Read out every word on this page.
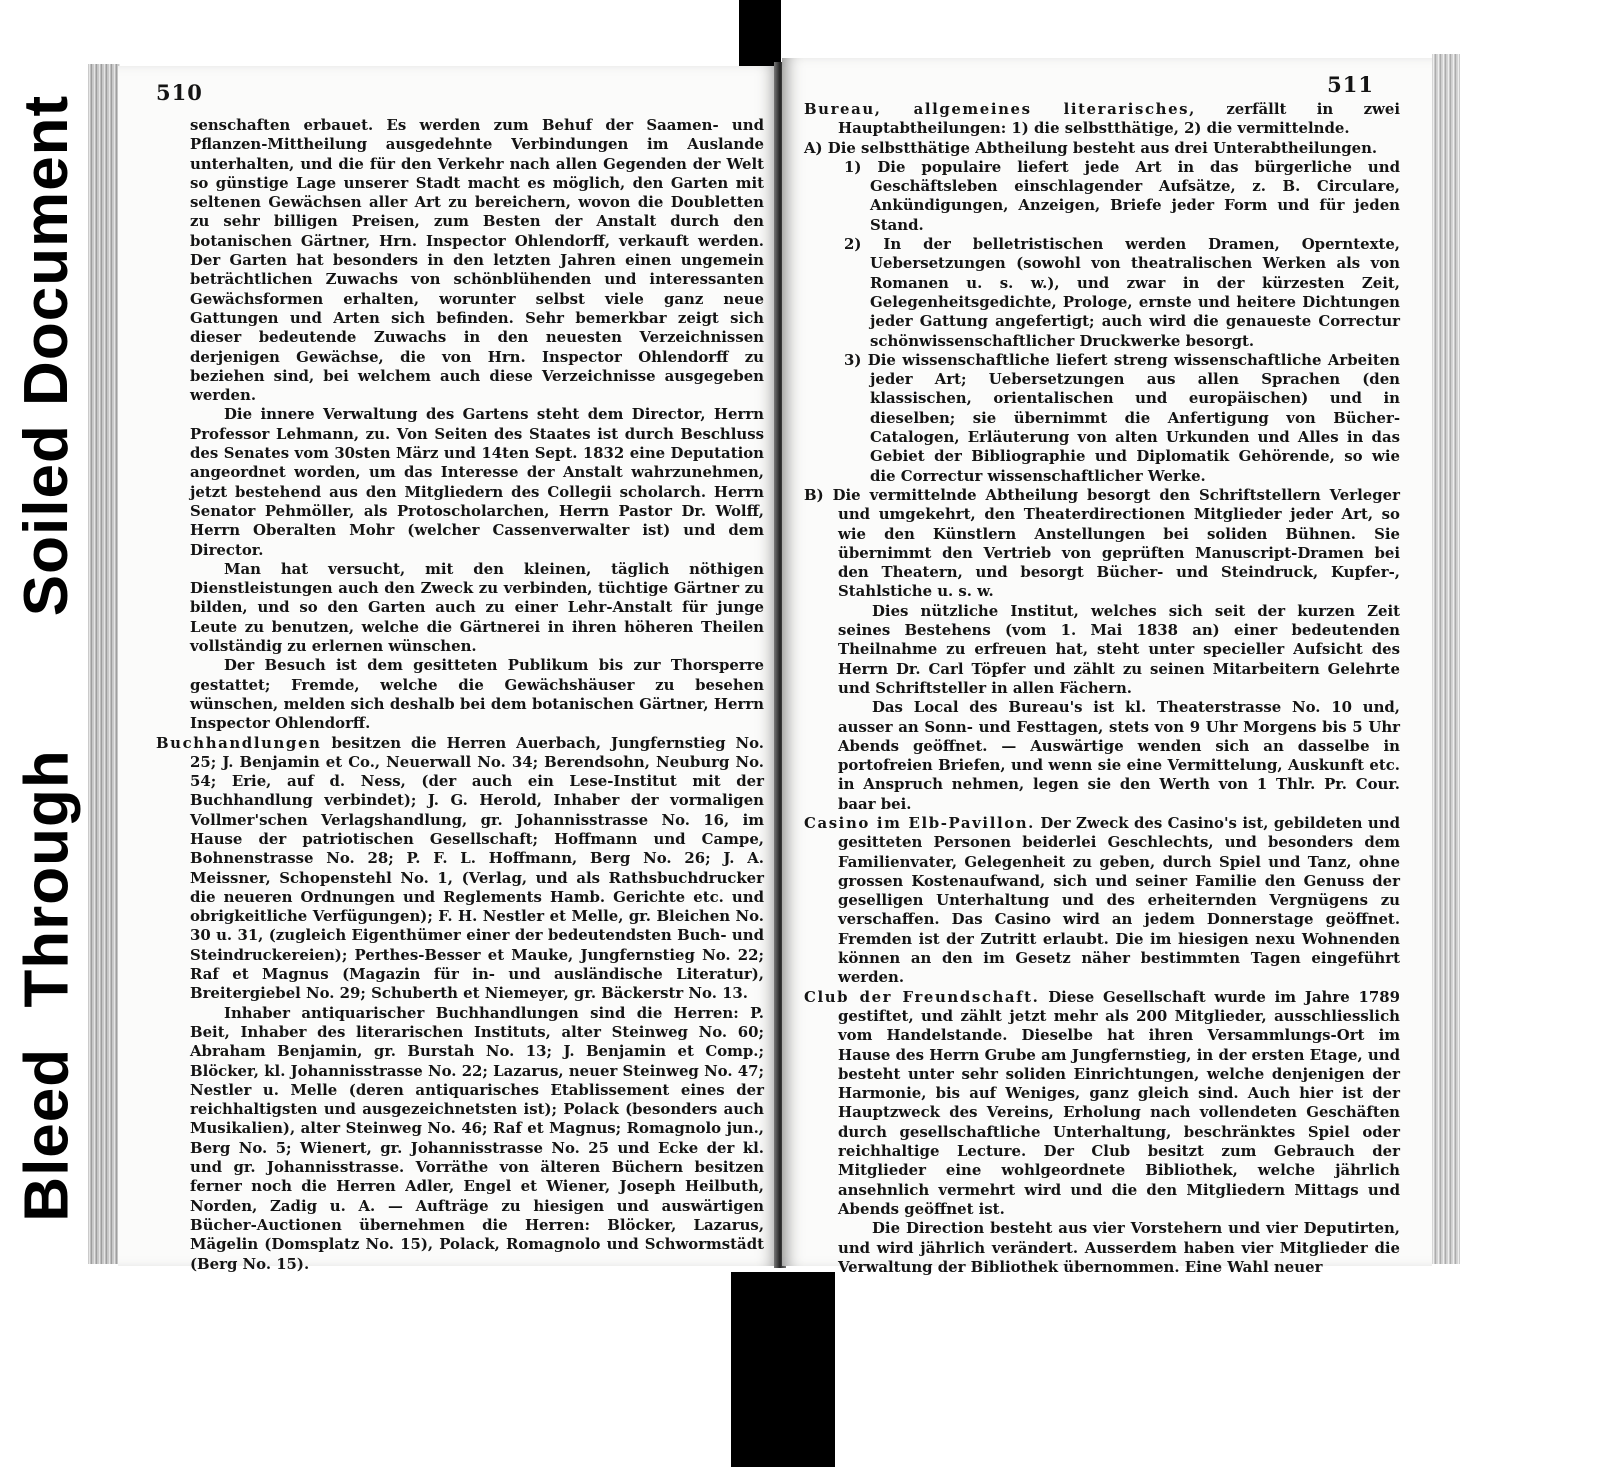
Soiled Document
Bleed Through
510

senschaften erbauet. Es werden zum Behuf der Saamen- und Pflanzen-Mittheilung ausgedehnte Verbindungen im Auslande unterhalten, und die für den Verkehr nach allen Gegenden der Welt so günstige Lage unserer Stadt macht es möglich, den Garten mit seltenen Gewächsen aller Art zu bereichern, wovon die Doubletten zu sehr billigen Preisen, zum Besten der Anstalt durch den botanischen Gärtner, Hrn. Inspector Ohlendorff, verkauft werden. Der Garten hat besonders in den letzten Jahren einen ungemein beträchtlichen Zuwachs von schönblühenden und interessanten Gewächsformen erhalten, worunter selbst viele ganz neue Gattungen und Arten sich befinden. Sehr bemerkbar zeigt sich dieser bedeutende Zuwachs in den neuesten Verzeichnissen derjenigen Gewächse, die von Hrn. Inspector Ohlendorff zu beziehen sind, bei welchem auch diese Verzeichnisse ausgegeben werden.

Die innere Verwaltung des Gartens steht dem Director, Herrn Professor Lehmann, zu. Von Seiten des Staates ist durch Beschluss des Senates vom 30sten März und 14ten Sept. 1832 eine Deputation angeordnet worden, um das Interesse der Anstalt wahrzunehmen, jetzt bestehend aus den Mitgliedern des Collegii scholarch. Herrn Senator Pehmöller, als Protoscholarchen, Herrn Pastor Dr. Wolff, Herrn Oberalten Mohr (welcher Cassenverwalter ist) und dem Director.

Man hat versucht, mit den kleinen, täglich nöthigen Dienstleistungen auch den Zweck zu verbinden, tüchtige Gärtner zu bilden, und so den Garten auch zu einer Lehr-Anstalt für junge Leute zu benutzen, welche die Gärtnerei in ihren höheren Theilen vollständig zu erlernen wünschen.

Der Besuch ist dem gesitteten Publikum bis zur Thorsperre gestattet; Fremde, welche die Gewächshäuser zu besehen wünschen, melden sich deshalb bei dem botanischen Gärtner, Herrn Inspector Ohlendorff.

Buchhandlungen besitzen die Herren Auerbach, Jungfernstieg No. 25; J. Benjamin et Co., Neuerwall No. 34; Berendsohn, Neuburg No. 54; Erie, auf d. Ness, (der auch ein Lese-Institut mit der Buchhandlung verbindet); J. G. Herold, Inhaber der vormaligen Vollmer'schen Verlagshandlung, gr. Johannisstrasse No. 16, im Hause der patriotischen Gesellschaft; Hoffmann und Campe, Bohnenstrasse No. 28; P. F. L. Hoffmann, Berg No. 26; J. A. Meissner, Schopenstehl No. 1, (Verlag, und als Rathsbuchdrucker die neueren Ordnungen und Reglements Hamb. Gerichte etc. und obrigkeitliche Verfügungen); F. H. Nestler et Melle, gr. Bleichen No. 30 u. 31, (zugleich Eigenthümer einer der bedeutendsten Buch- und Steindruckereien); Perthes-Besser et Mauke, Jungfernstieg No. 22; Raf et Magnus (Magazin für in- und ausländische Literatur), Breitergiebel No. 29; Schuberth et Niemeyer, gr. Bäckerstr No. 13.

Inhaber antiquarischer Buchhandlungen sind die Herren: P. Beit, Inhaber des literarischen Instituts, alter Steinweg No. 60; Abraham Benjamin, gr. Burstah No. 13; J. Benjamin et Comp.; Blöcker, kl. Johannisstrasse No. 22; Lazarus, neuer Steinweg No. 47; Nestler u. Melle (deren antiquarisches Etablissement eines der reichhaltigsten und ausgezeichnetsten ist); Polack (besonders auch Musikalien), alter Steinweg No. 46; Raf et Magnus; Romagnolo jun., Berg No. 5; Wienert, gr. Johannisstrasse No. 25 und Ecke der kl. und gr. Johannisstrasse. Vorräthe von älteren Büchern besitzen ferner noch die Herren Adler, Engel et Wiener, Joseph Heilbuth, Norden, Zadig u. A. — Aufträge zu hiesigen und auswärtigen Bücher-Auctionen übernehmen die Herren: Blöcker, Lazarus, Mägelin (Domsplatz No. 15), Polack, Romagnolo und Schwormstädt (Berg No. 15).

511

Bureau, allgemeines literarisches, zerfällt in zwei Hauptabtheilungen: 1) die selbstthätige, 2) die vermittelnde.

A) Die selbstthätige Abtheilung besteht aus drei Unterabtheilungen.

1) Die populaire liefert jede Art in das bürgerliche und Geschäftsleben einschlagender Aufsätze, z. B. Circulare, Ankündigungen, Anzeigen, Briefe jeder Form und für jeden Stand.

2) In der belletristischen werden Dramen, Operntexte, Uebersetzungen (sowohl von theatralischen Werken als von Romanen u. s. w.), und zwar in der kürzesten Zeit, Gelegenheitsgedichte, Prologe, ernste und heitere Dichtungen jeder Gattung angefertigt; auch wird die genaueste Correctur schönwissenschaftlicher Druckwerke besorgt.

3) Die wissenschaftliche liefert streng wissenschaftliche Arbeiten jeder Art; Uebersetzungen aus allen Sprachen (den klassischen, orientalischen und europäischen) und in dieselben; sie übernimmt die Anfertigung von Bücher-Catalogen, Erläuterung von alten Urkunden und Alles in das Gebiet der Bibliographie und Diplomatik Gehörende, so wie die Correctur wissenschaftlicher Werke.

B) Die vermittelnde Abtheilung besorgt den Schriftstellern Verleger und umgekehrt, den Theaterdirectionen Mitglieder jeder Art, so wie den Künstlern Anstellungen bei soliden Bühnen. Sie übernimmt den Vertrieb von geprüften Manuscript-Dramen bei den Theatern, und besorgt Bücher- und Steindruck, Kupfer-, Stahlstiche u. s. w.

Dies nützliche Institut, welches sich seit der kurzen Zeit seines Bestehens (vom 1. Mai 1838 an) einer bedeutenden Theilnahme zu erfreuen hat, steht unter specieller Aufsicht des Herrn Dr. Carl Töpfer und zählt zu seinen Mitarbeitern Gelehrte und Schriftsteller in allen Fächern.

Das Local des Bureau's ist kl. Theaterstrasse No. 10 und, ausser an Sonn- und Festtagen, stets von 9 Uhr Morgens bis 5 Uhr Abends geöffnet. — Auswärtige wenden sich an dasselbe in portofreien Briefen, und wenn sie eine Vermittelung, Auskunft etc. in Anspruch nehmen, legen sie den Werth von 1 Thlr. Pr. Cour. baar bei.

Casino im Elb-Pavillon. Der Zweck des Casino's ist, gebildeten und gesitteten Personen beiderlei Geschlechts, und besonders dem Familienvater, Gelegenheit zu geben, durch Spiel und Tanz, ohne grossen Kostenaufwand, sich und seiner Familie den Genuss der geselligen Unterhaltung und des erheiternden Vergnügens zu verschaffen. Das Casino wird an jedem Donnerstage geöffnet. Fremden ist der Zutritt erlaubt. Die im hiesigen nexu Wohnenden können an den im Gesetz näher bestimmten Tagen eingeführt werden.

Club der Freundschaft. Diese Gesellschaft wurde im Jahre 1789 gestiftet, und zählt jetzt mehr als 200 Mitglieder, ausschliesslich vom Handelstande. Dieselbe hat ihren Versammlungs-Ort im Hause des Herrn Grube am Jungfernstieg, in der ersten Etage, und besteht unter sehr soliden Einrichtungen, welche denjenigen der Harmonie, bis auf Weniges, ganz gleich sind. Auch hier ist der Hauptzweck des Vereins, Erholung nach vollendeten Geschäften durch gesellschaftliche Unterhaltung, beschränktes Spiel oder reichhaltige Lecture. Der Club besitzt zum Gebrauch der Mitglieder eine wohlgeordnete Bibliothek, welche jährlich ansehnlich vermehrt wird und die den Mitgliedern Mittags und Abends geöffnet ist.

Die Direction besteht aus vier Vorstehern und vier Deputirten, und wird jährlich verändert. Ausserdem haben vier Mitglieder die Verwaltung der Bibliothek übernommen. Eine Wahl neuer
